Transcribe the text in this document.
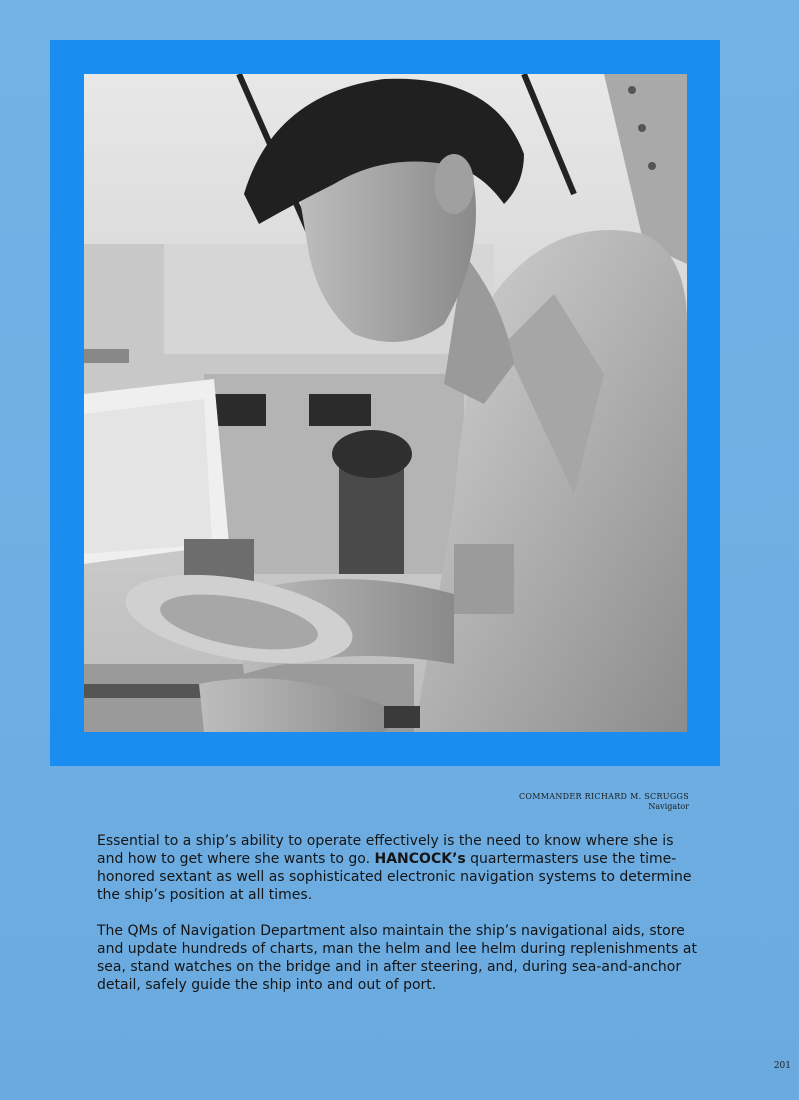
COMMANDER RICHARD M. SCRUGGS
Navigator

Essential to a ship’s ability to operate effectively is the need to know where she is and how to get where she wants to go. HANCOCK’s quartermasters use the time-honored sextant as well as sophisticated electronic navigation systems to determine the ship’s position at all times.

The QMs of Navigation Department also maintain the ship’s navigational aids, store and update hundreds of charts, man the helm and lee helm during replenishments at sea, stand watches on the bridge and in after steering, and, during sea-and-anchor detail, safely guide the ship into and out of port.

201
